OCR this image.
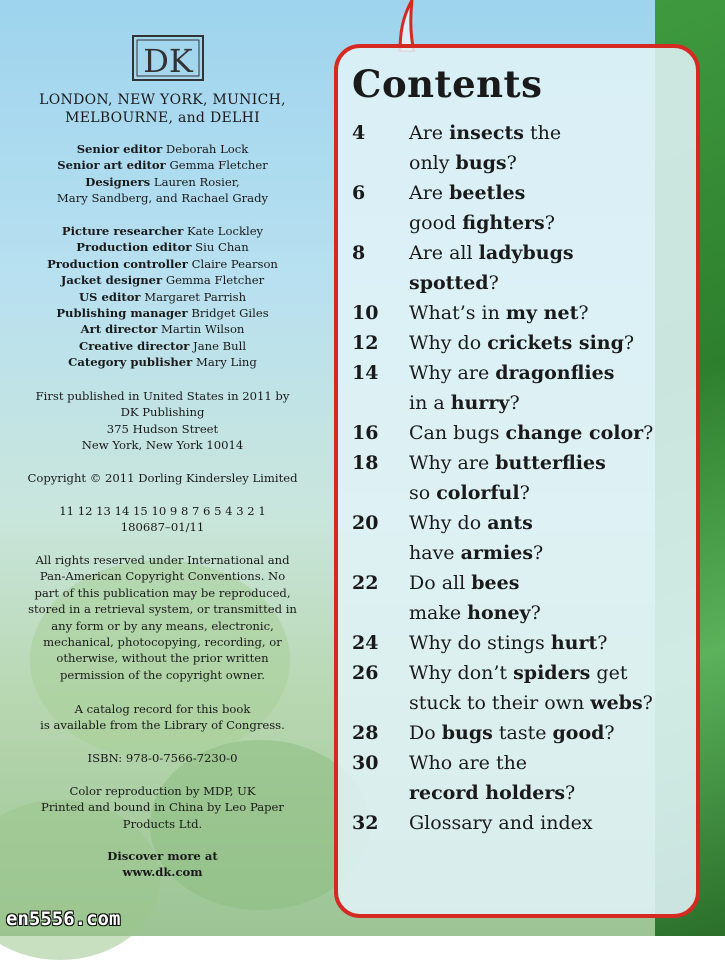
DK
LONDON, NEW YORK, MUNICH, MELBOURNE, and DELHI
Senior editor Deborah Lock
Senior art editor Gemma Fletcher
Designers Lauren Rosier,
Mary Sandberg, and Rachael Grady
Picture researcher Kate Lockley
Production editor Siu Chan
Production controller Claire Pearson
Jacket designer Gemma Fletcher
US editor Margaret Parrish
Publishing manager Bridget Giles
Art director Martin Wilson
Creative director Jane Bull
Category publisher Mary Ling
First published in United States in 2011 by
DK Publishing
375 Hudson Street
New York, New York 10014
Copyright © 2011 Dorling Kindersley Limited
11 12 13 14 15 10 9 8 7 6 5 4 3 2 1
180687–01/11
All rights reserved under International and
Pan-American Copyright Conventions. No
part of this publication may be reproduced,
stored in a retrieval system, or transmitted in
any form or by any means, electronic,
mechanical, photocopying, recording, or
otherwise, without the prior written
permission of the copyright owner.
A catalog record for this book
is available from the Library of Congress.
ISBN: 978-0-7566-7230-0
Color reproduction by MDP, UK
Printed and bound in China by Leo Paper
Products Ltd.
Discover more at
www.dk.com
en5556.com
Contents
4	Are insects the
only bugs?
6	Are beetles
good fighters?
8	Are all ladybugs
spotted?
10	What’s in my net?
12	Why do crickets sing?
14	Why are dragonflies
in a hurry?
16	Can bugs change color?
18	Why are butterflies
so colorful?
20	Why do ants
have armies?
22	Do all bees
make honey?
24	Why do stings hurt?
26	Why don’t spiders get
stuck to their own webs?
28	Do bugs taste good?
30	Who are the
record holders?
32	Glossary and index
